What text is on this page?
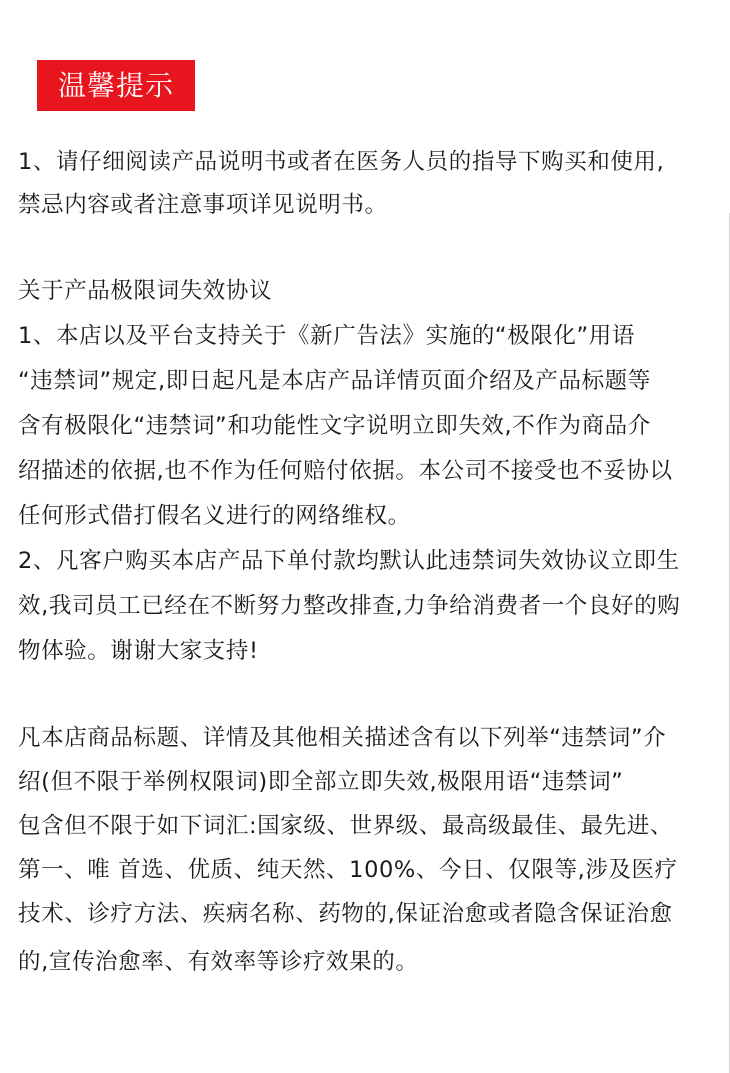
温馨提示
1、请仔细阅读产品说明书或者在医务人员的指导下购买和使用,
禁忌内容或者注意事项详见说明书。
关于产品极限词失效协议
1、本店以及平台支持关于《新广告法》实施的“极限化”用语
“违禁词”规定,即日起凡是本店产品详情页面介绍及产品标题等
含有极限化“违禁词”和功能性文字说明立即失效,不作为商品介
绍描述的依据,也不作为任何赔付依据。本公司不接受也不妥协以
任何形式借打假名义进行的网络维权。
2、凡客户购买本店产品下单付款均默认此违禁词失效协议立即生
效,我司员工已经在不断努力整改排查,力争给消费者一个良好的购
物体验。谢谢大家支持!
凡本店商品标题、详情及其他相关描述含有以下列举“违禁词”介
绍(但不限于举例权限词)即全部立即失效,极限用语“违禁词”
包含但不限于如下词汇:国家级、世界级、最高级最佳、最先进、
第一、唯 首选、优质、纯天然、100%、今日、仅限等,涉及医疗
技术、诊疗方法、疾病名称、药物的,保证治愈或者隐含保证治愈
的,宣传治愈率、有效率等诊疗效果的。
